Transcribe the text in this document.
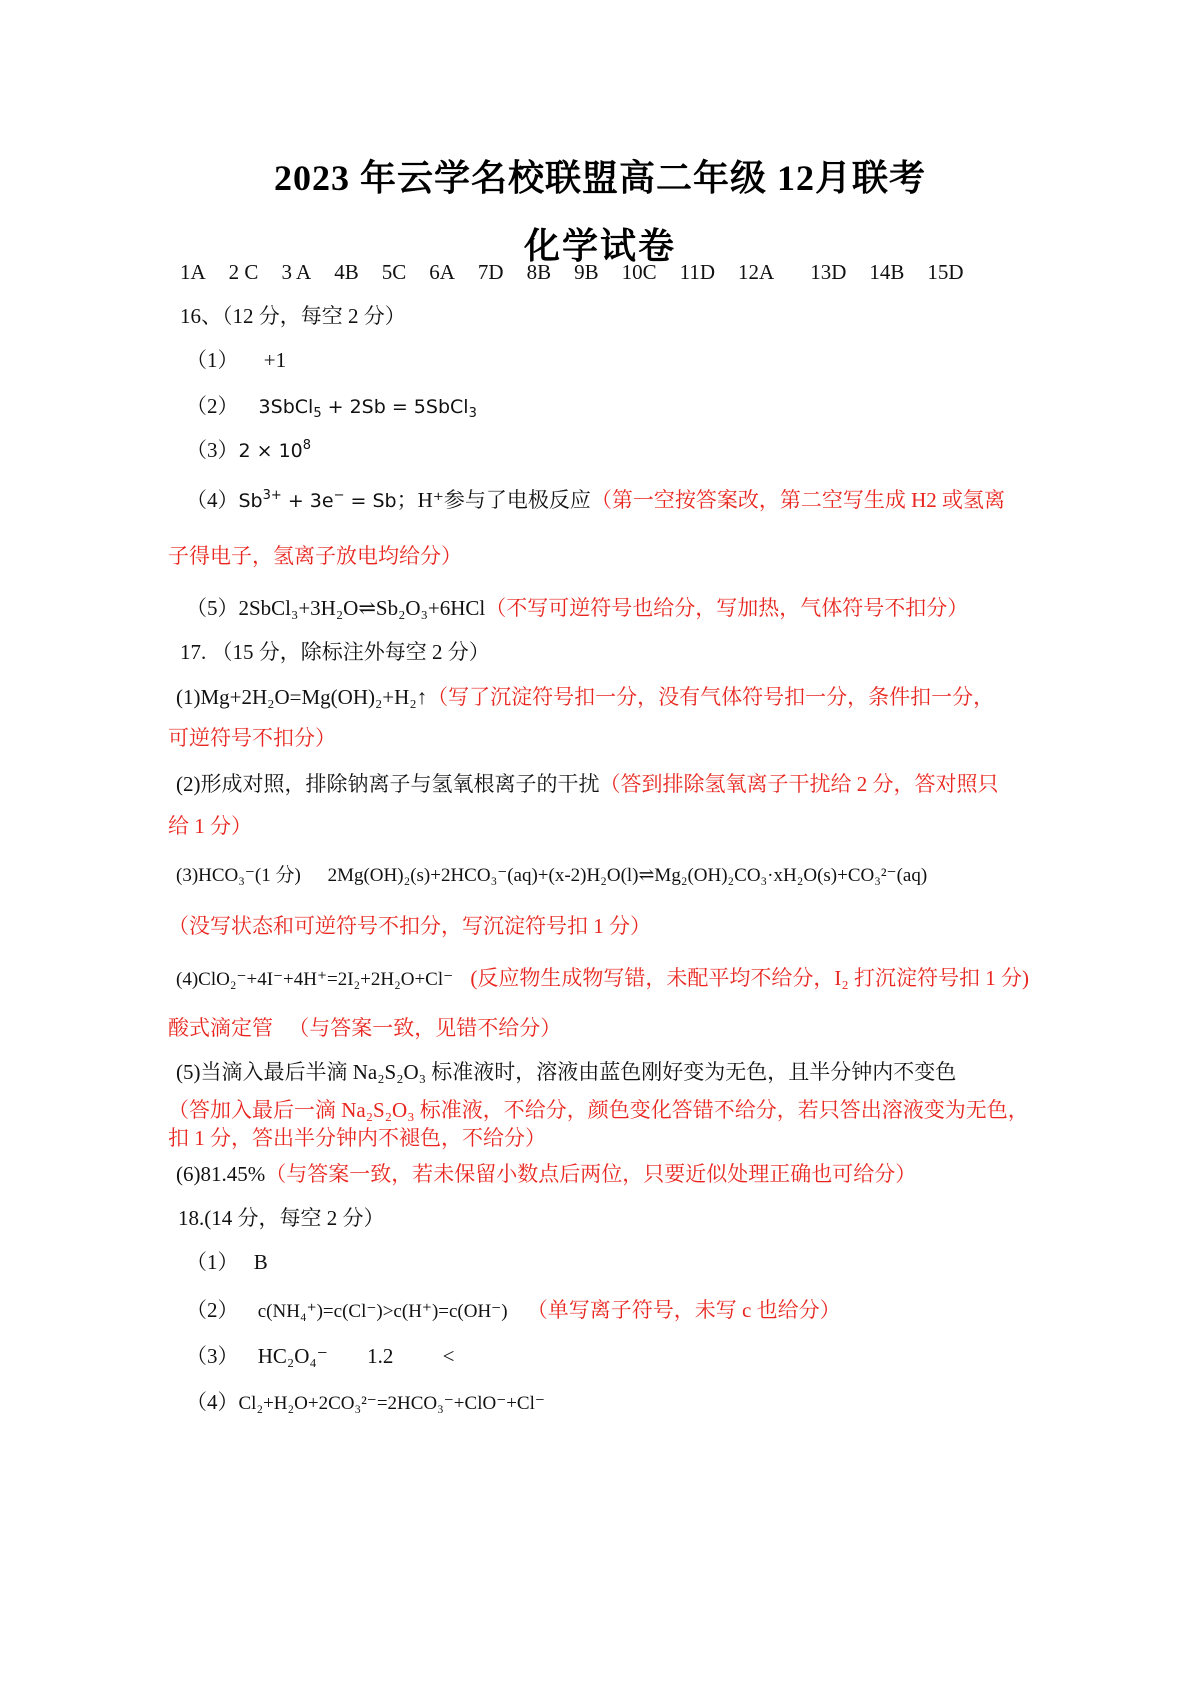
2023 年云学名校联盟高二年级 12月联考
化学试卷
1A 2 C 3 A 4B 5C 6A 7D 8B 9B 10C 11D 12A 13D 14B 15D
16、（12 分，每空 2 分）
（1） +1
（2） 3SbCl$_5$ + 2Sb = 5SbCl$_3$
$(3)2 \times 10^8$
$(4)Sb^{3+} + 3e^- = Sb$；H⁺参与了电极反应（第一空按答案改，第二空写生成 H2 或氢离
子得电子，氢离子放电均给分）
（5）2SbCl₃+3H₂O⇌Sb₂O₃+6HCl（不写可逆符号也给分，写加热，气体符号不扣分）
17. （15 分，除标注外每空 2 分）
(1)Mg+2H₂O=Mg(OH)₂+H₂↑（写了沉淀符号扣一分，没有气体符号扣一分，条件扣一分，
可逆符号不扣分）
(2)形成对照，排除钠离子与氢氧根离子的干扰（答到排除氢氧离子干扰给 2 分，答对照只
给 1 分）
(3)HCO₃⁻(1 分) 2Mg(OH)₂(s)+2HCO₃⁻(aq)+(x-2)H₂O(l)⇌Mg₂(OH)₂CO₃·xH₂O(s)+CO₃²⁻(aq)
（没写状态和可逆符号不扣分，写沉淀符号扣 1 分）
(4)ClO₂⁻+4I⁻+4H⁺=2I₂+2H₂O+Cl⁻ (反应物生成物写错，未配平均不给分，I₂ 打沉淀符号扣 1 分)
酸式滴定管 （与答案一致，见错不给分）
(5)当滴入最后半滴 Na₂S₂O₃ 标准液时，溶液由蓝色刚好变为无色，且半分钟内不变色
（答加入最后一滴 Na₂S₂O₃ 标准液，不给分，颜色变化答错不给分，若只答出溶液变为无色，
扣 1 分，答出半分钟内不褪色，不给分）
(6)81.45%（与答案一致，若未保留小数点后两位，只要近似处理正确也可给分）
18.(14 分，每空 2 分）
（1） B
（2） c(NH₄⁺)=c(Cl⁻)>c(H⁺)=c(OH⁻) （单写离子符号，未写 c 也给分）
（3） HC₂O₄⁻ 1.2 <
（4）Cl₂+H₂O+2CO₃²⁻=2HCO₃⁻+ClO⁻+Cl⁻
